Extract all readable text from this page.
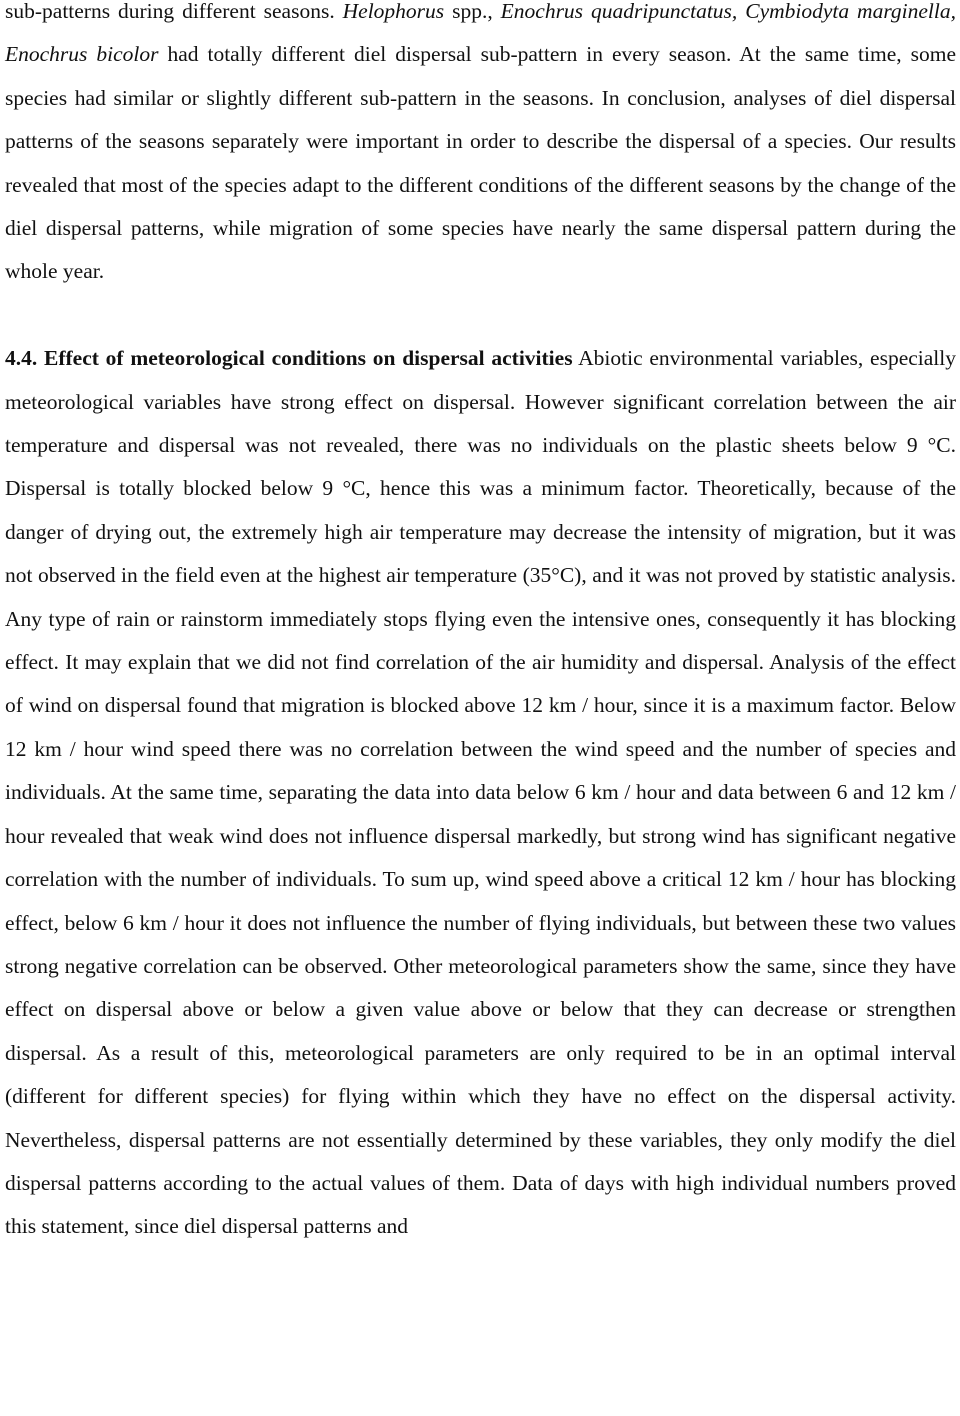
sub-patterns during different seasons. Helophorus spp., Enochrus quadripunctatus, Cymbiodyta marginella, Enochrus bicolor had totally different diel dispersal sub-pattern in every season. At the same time, some species had similar or slightly different sub-pattern in the seasons. In conclusion, analyses of diel dispersal patterns of the seasons separately were important in order to describe the dispersal of a species. Our results revealed that most of the species adapt to the different conditions of the different seasons by the change of the diel dispersal patterns, while migration of some species have nearly the same dispersal pattern during the whole year.

4.4. Effect of meteorological conditions on dispersal activities Abiotic environmental variables, especially meteorological variables have strong effect on dispersal. However significant correlation between the air temperature and dispersal was not revealed, there was no individuals on the plastic sheets below 9 °C. Dispersal is totally blocked below 9 °C, hence this was a minimum factor. Theoretically, because of the danger of drying out, the extremely high air temperature may decrease the intensity of migration, but it was not observed in the field even at the highest air temperature (35°C), and it was not proved by statistic analysis. Any type of rain or rainstorm immediately stops flying even the intensive ones, consequently it has blocking effect. It may explain that we did not find correlation of the air humidity and dispersal. Analysis of the effect of wind on dispersal found that migration is blocked above 12 km / hour, since it is a maximum factor. Below 12 km / hour wind speed there was no correlation between the wind speed and the number of species and individuals. At the same time, separating the data into data below 6 km / hour and data between 6 and 12 km / hour revealed that weak wind does not influence dispersal markedly, but strong wind has significant negative correlation with the number of individuals. To sum up, wind speed above a critical 12 km / hour has blocking effect, below 6 km / hour it does not influence the number of flying individuals, but between these two values strong negative correlation can be observed. Other meteorological parameters show the same, since they have effect on dispersal above or below a given value above or below that they can decrease or strengthen dispersal. As a result of this, meteorological parameters are only required to be in an optimal interval (different for different species) for flying within which they have no effect on the dispersal activity. Nevertheless, dispersal patterns are not essentially determined by these variables, they only modify the diel dispersal patterns according to the actual values of them. Data of days with high individual numbers proved this statement, since diel dispersal patterns and
